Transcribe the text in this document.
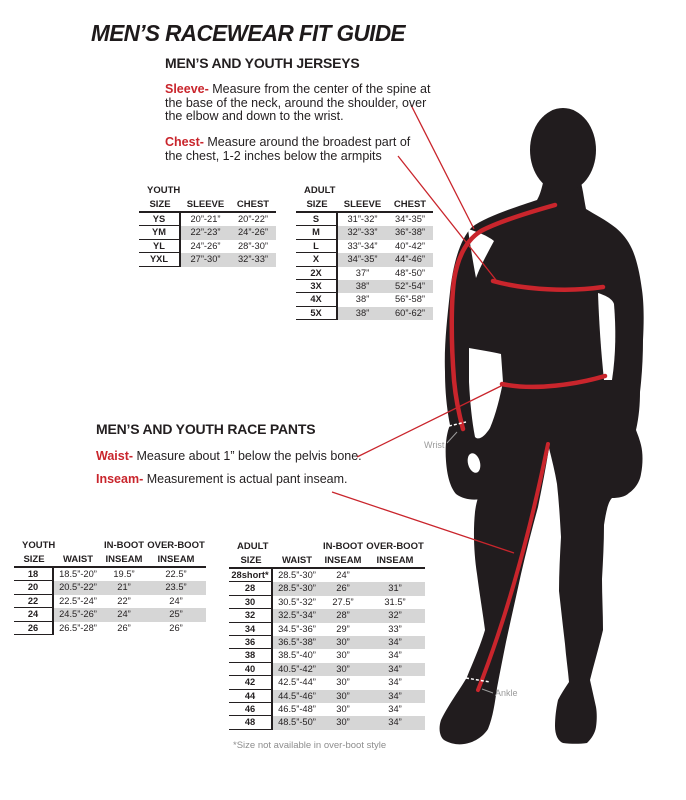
Wrist
Ankle
MEN’S RACEWEAR FIT GUIDE
MEN’S AND YOUTH JERSEYS
Sleeve- Measure from the center of the spine at the base of the neck, around the shoulder, over the elbow and down to the wrist.
Chest- Measure around the broadest part of the chest, 1-2 inches below the armpits
YOUTH
SIZE	SLEEVE	CHEST
YS	20”-21”	20”-22”
YM	22”-23”	24”-26”
YL	24”-26”	28”-30”
YXL	27”-30”	32”-33”
ADULT
SIZE	SLEEVE	CHEST
S	31”-32”	34”-35”
M	32”-33”	36”-38”
L	33”-34”	40”-42”
X	34”-35”	44”-46”
2X	37”	48”-50”
3X	38”	52”-54”
4X	38”	56”-58”
5X	38”	60”-62”
MEN’S AND YOUTH RACE PANTS
Waist- Measure about 1” below the pelvis bone.
Inseam- Measurement is actual pant inseam.
YOUTH	IN-BOOT OVER-BOOT
SIZE	WAIST	INSEAM	INSEAM
18	18.5”-20”	19.5”	22.5”
20	20.5”-22”	21”	23.5”
22	22.5”-24”	22”	24”
24	24.5”-26”	24”	25”
26	26.5”-28”	26”	26”
ADULT	IN-BOOT OVER-BOOT
SIZE	WAIST	INSEAM	INSEAM
28short*	28.5”-30”	24”
28	28.5”-30”	26”	31”
30	30.5”-32”	27.5”	31.5”
32	32.5”-34”	28”	32”
34	34.5”-36”	29”	33”
36	36.5”-38”	30”	34”
38	38.5”-40”	30”	34”
40	40.5”-42”	30”	34”
42	42.5”-44”	30”	34”
44	44.5”-46”	30”	34”
46	46.5”-48”	30”	34”
48	48.5”-50”	30”	34”
*Size not available in over-boot style
